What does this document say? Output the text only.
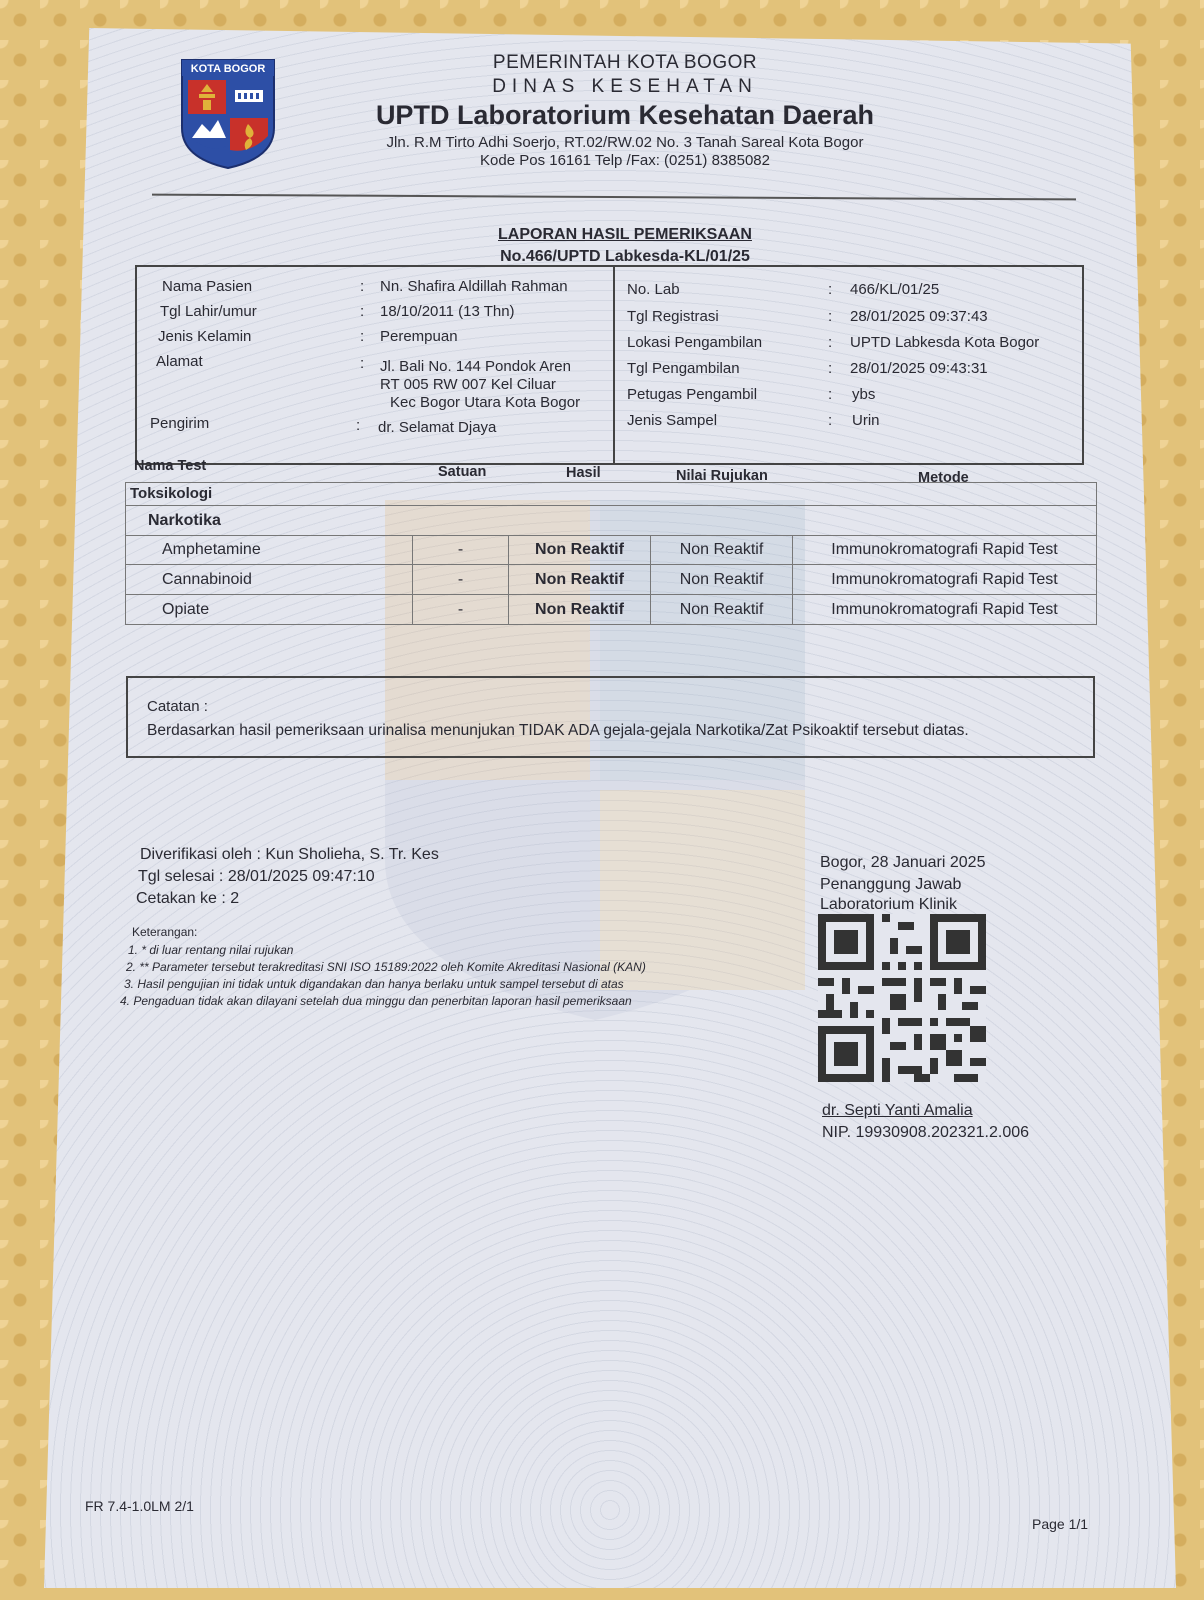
KOTA BOGOR	PEMERINTAH KOTA BOGOR
DINAS KESEHATAN
UPTD Laboratorium Kesehatan Daerah
Jln. R.M Tirto Adhi Soerjo, RT.02/RW.02 No. 3 Tanah Sareal Kota Bogor
Kode Pos 16161 Telp /Fax: (0251) 8385082
LAPORAN HASIL PEMERIKSAAN
No.466/UPTD Labkesda-KL/01/25
Nama Pasien	: Nn. Shafira Aldillah Rahman
Tgl Lahir/umur	: 18/10/2011 (13 Thn)
Jenis Kelamin	: Perempuan
Alamat	: Jl. Bali No. 144 Pondok Aren
RT 005 RW 007 Kel Ciluar
Kec Bogor Utara Kota Bogor
Pengirim	: dr. Selamat Djaya
No. Lab	: 466/KL/01/25
Tgl Registrasi	: 28/01/2025 09:37:43
Lokasi Pengambilan	: UPTD Labkesda Kota Bogor
Tgl Pengambilan	: 28/01/2025 09:43:31
Petugas Pengambil	: ybs
Jenis Sampel	: Urin
Nama Test	Satuan	Hasil	Nilai Rujukan	Metode
Toksikologi
Narkotika
Amphetamine	-	Non Reaktif	Non Reaktif	Immunokromatografi Rapid Test
Cannabinoid	-	Non Reaktif	Non Reaktif	Immunokromatografi Rapid Test
Opiate	-	Non Reaktif	Non Reaktif	Immunokromatografi Rapid Test
Catatan :
Berdasarkan hasil pemeriksaan urinalisa menunjukan TIDAK ADA gejala-gejala Narkotika/Zat Psikoaktif tersebut diatas.
Diverifikasi oleh : Kun Sholieha, S. Tr. Kes
Tgl selesai : 28/01/2025 09:47:10
Cetakan ke : 2
Keterangan:
1. * di luar rentang nilai rujukan
2. ** Parameter tersebut terakreditasi SNI ISO 15189:2022 oleh Komite Akreditasi Nasional (KAN)
3. Hasil pengujian ini tidak untuk digandakan dan hanya berlaku untuk sampel tersebut di atas
4. Pengaduan tidak akan dilayani setelah dua minggu dan penerbitan laporan hasil pemeriksaan
Bogor, 28 Januari 2025
Penanggung Jawab
Laboratorium Klinik
dr. Septi Yanti Amalia
NIP. 19930908.202321.2.006
FR 7.4-1.0LM 2/1
Page 1/1
